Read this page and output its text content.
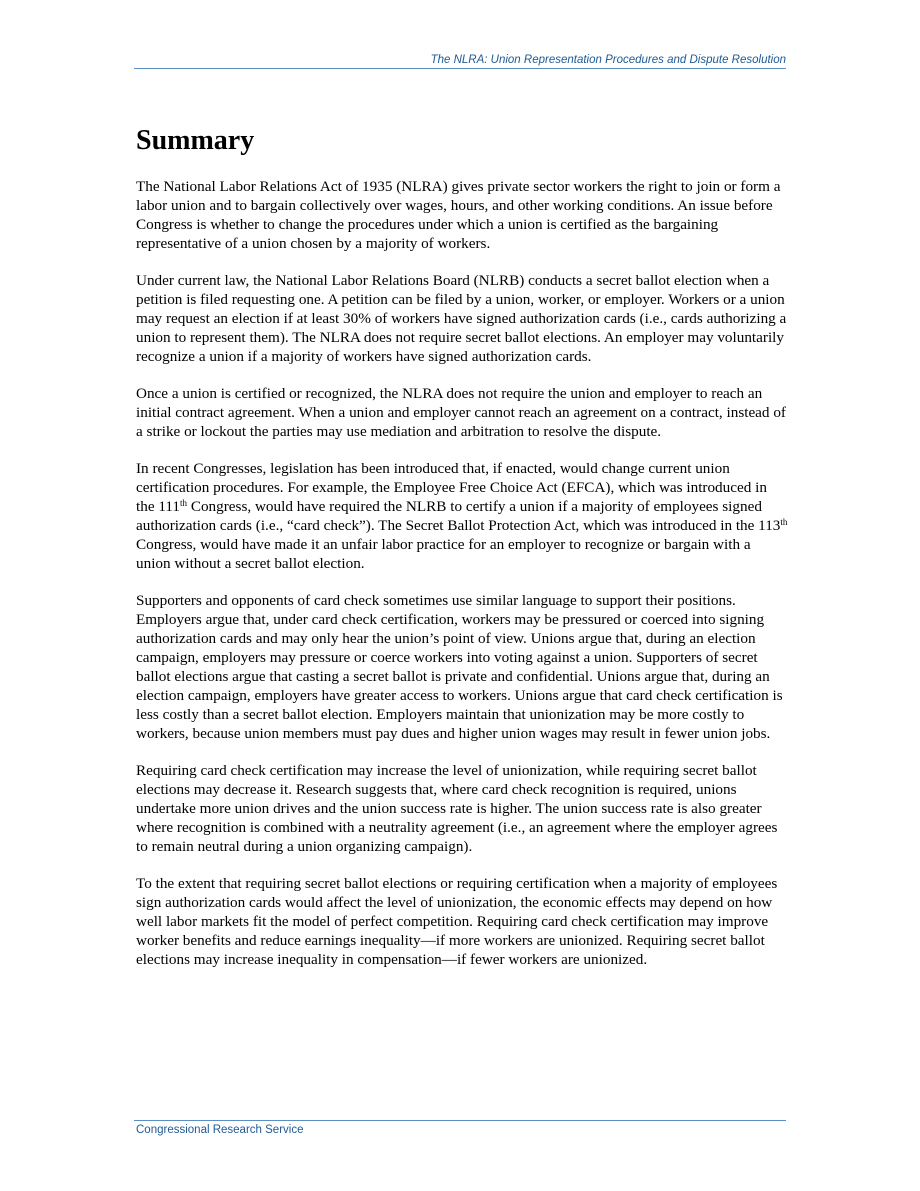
The NLRA: Union Representation Procedures and Dispute Resolution
Summary

The National Labor Relations Act of 1935 (NLRA) gives private sector workers the right to join or form a labor union and to bargain collectively over wages, hours, and other working conditions. An issue before Congress is whether to change the procedures under which a union is certified as the bargaining representative of a union chosen by a majority of workers.

Under current law, the National Labor Relations Board (NLRB) conducts a secret ballot election when a petition is filed requesting one. A petition can be filed by a union, worker, or employer. Workers or a union may request an election if at least 30% of workers have signed authorization cards (i.e., cards authorizing a union to represent them). The NLRA does not require secret ballot elections. An employer may voluntarily recognize a union if a majority of workers have signed authorization cards.

Once a union is certified or recognized, the NLRA does not require the union and employer to reach an initial contract agreement. When a union and employer cannot reach an agreement on a contract, instead of a strike or lockout the parties may use mediation and arbitration to resolve the dispute.

In recent Congresses, legislation has been introduced that, if enacted, would change current union certification procedures. For example, the Employee Free Choice Act (EFCA), which was introduced in the 111th Congress, would have required the NLRB to certify a union if a majority of employees signed authorization cards (i.e., “card check”). The Secret Ballot Protection Act, which was introduced in the 113th Congress, would have made it an unfair labor practice for an employer to recognize or bargain with a union without a secret ballot election.

Supporters and opponents of card check sometimes use similar language to support their positions. Employers argue that, under card check certification, workers may be pressured or coerced into signing authorization cards and may only hear the union’s point of view. Unions argue that, during an election campaign, employers may pressure or coerce workers into voting against a union. Supporters of secret ballot elections argue that casting a secret ballot is private and confidential. Unions argue that, during an election campaign, employers have greater access to workers. Unions argue that card check certification is less costly than a secret ballot election. Employers maintain that unionization may be more costly to workers, because union members must pay dues and higher union wages may result in fewer union jobs.

Requiring card check certification may increase the level of unionization, while requiring secret ballot elections may decrease it. Research suggests that, where card check recognition is required, unions undertake more union drives and the union success rate is higher. The union success rate is also greater where recognition is combined with a neutrality agreement (i.e., an agreement where the employer agrees to remain neutral during a union organizing campaign).

To the extent that requiring secret ballot elections or requiring certification when a majority of employees sign authorization cards would affect the level of unionization, the economic effects may depend on how well labor markets fit the model of perfect competition. Requiring card check certification may improve worker benefits and reduce earnings inequality—if more workers are unionized. Requiring secret ballot elections may increase inequality in compensation—if fewer workers are unionized.

Congressional Research Service
